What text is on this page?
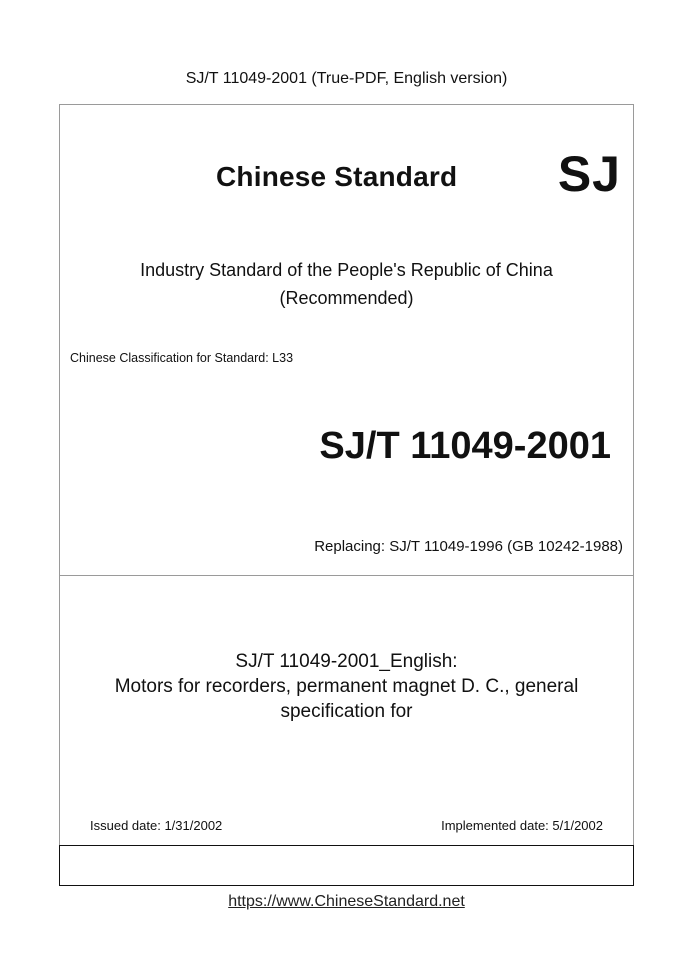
SJ/T 11049-2001 (True-PDF, English version)
Chinese Standard SJ
Industry Standard of the People's Republic of China
(Recommended)
Chinese Classification for Standard: L33
SJ/T 11049-2001
Replacing: SJ/T 11049-1996 (GB 10242-1988)
SJ/T 11049-2001_English:
Motors for recorders, permanent magnet D. C., general
specification for
Issued date: 1/31/2002	Implemented date: 5/1/2002
https://www.ChineseStandard.net
